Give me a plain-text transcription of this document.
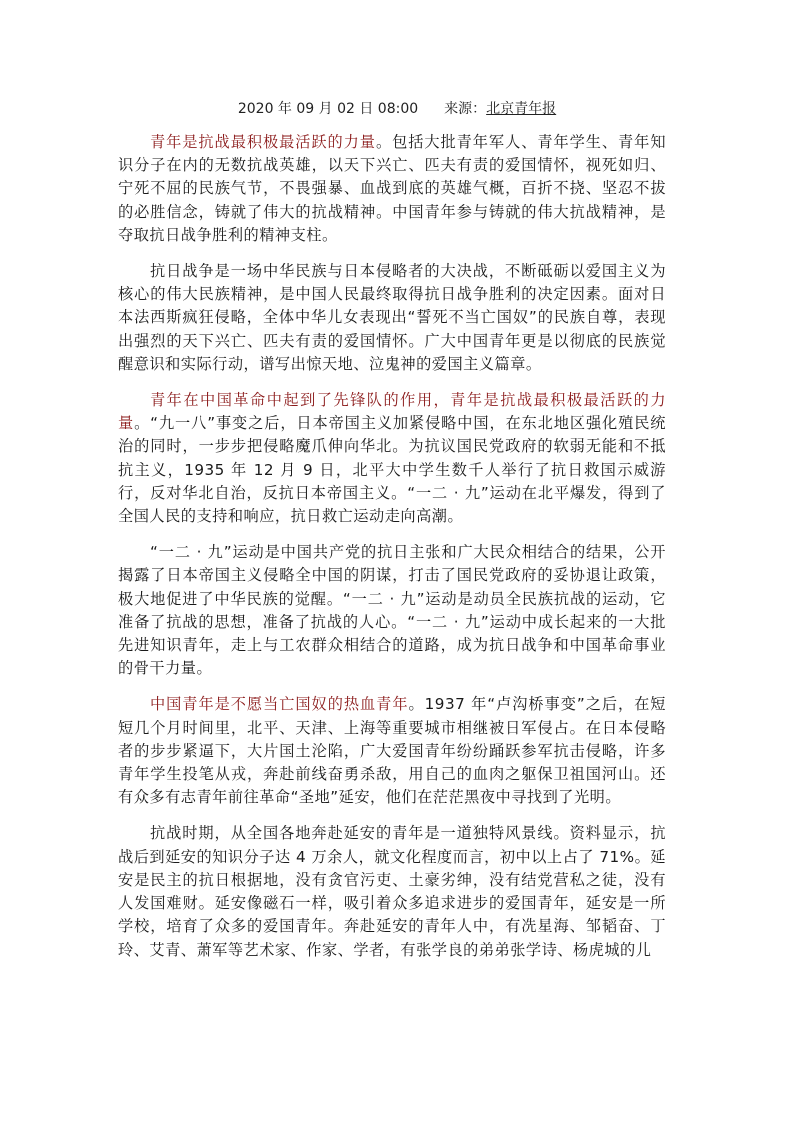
2020 年 09 月 02 日 08:00 来源：北京青年报

青年是抗战最积极最活跃的力量。包括大批青年军人、青年学生、青年知识分子在内的无数抗战英雄，以天下兴亡、匹夫有责的爱国情怀，视死如归、宁死不屈的民族气节，不畏强暴、血战到底的英雄气概，百折不挠、坚忍不拔的必胜信念，铸就了伟大的抗战精神。中国青年参与铸就的伟大抗战精神，是夺取抗日战争胜利的精神支柱。

抗日战争是一场中华民族与日本侵略者的大决战，不断砥砺以爱国主义为核心的伟大民族精神，是中国人民最终取得抗日战争胜利的决定因素。面对日本法西斯疯狂侵略，全体中华儿女表现出“誓死不当亡国奴”的民族自尊，表现出强烈的天下兴亡、匹夫有责的爱国情怀。广大中国青年更是以彻底的民族觉醒意识和实际行动，谱写出惊天地、泣鬼神的爱国主义篇章。

青年在中国革命中起到了先锋队的作用，青年是抗战最积极最活跃的力量。“九一八”事变之后，日本帝国主义加紧侵略中国，在东北地区强化殖民统治的同时，一步步把侵略魔爪伸向华北。为抗议国民党政府的软弱无能和不抵抗主义，1935 年 12 月 9 日，北平大中学生数千人举行了抗日救国示威游行，反对华北自治，反抗日本帝国主义。“一二 · 九”运动在北平爆发，得到了全国人民的支持和响应，抗日救亡运动走向高潮。

“一二 · 九”运动是中国共产党的抗日主张和广大民众相结合的结果，公开揭露了日本帝国主义侵略全中国的阴谋，打击了国民党政府的妥协退让政策，极大地促进了中华民族的觉醒。“一二 · 九”运动是动员全民族抗战的运动，它准备了抗战的思想，准备了抗战的人心。“一二 · 九”运动中成长起来的一大批先进知识青年，走上与工农群众相结合的道路，成为抗日战争和中国革命事业的骨干力量。

中国青年是不愿当亡国奴的热血青年。1937 年“卢沟桥事变”之后，在短短几个月时间里，北平、天津、上海等重要城市相继被日军侵占。在日本侵略者的步步紧逼下，大片国土沦陷，广大爱国青年纷纷踊跃参军抗击侵略，许多青年学生投笔从戎，奔赴前线奋勇杀敌，用自己的血肉之躯保卫祖国河山。还有众多有志青年前往革命“圣地”延安，他们在茫茫黑夜中寻找到了光明。

抗战时期，从全国各地奔赴延安的青年是一道独特风景线。资料显示，抗战后到延安的知识分子达 4 万余人，就文化程度而言，初中以上占了 71%。延安是民主的抗日根据地，没有贪官污吏、土豪劣绅，没有结党营私之徒，没有人发国难财。延安像磁石一样，吸引着众多追求进步的爱国青年，延安是一所学校，培育了众多的爱国青年。奔赴延安的青年人中，有冼星海、邹韬奋、丁玲、艾青、萧军等艺术家、作家、学者，有张学良的弟弟张学诗、杨虎城的儿
